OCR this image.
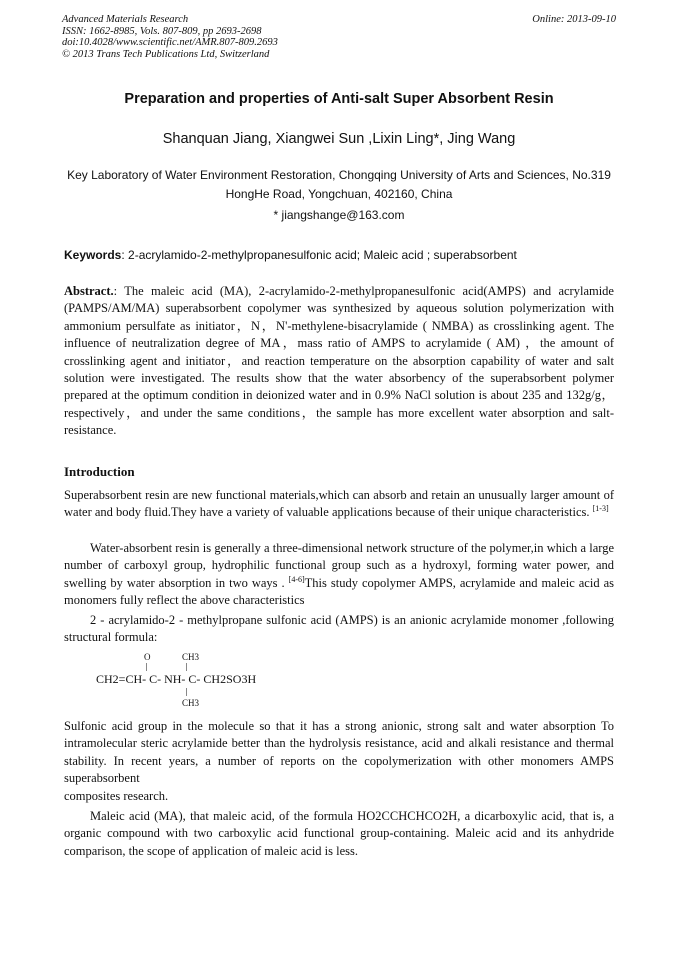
Advanced Materials Research
ISSN: 1662-8985, Vols. 807-809, pp 2693-2698
doi:10.4028/www.scientific.net/AMR.807-809.2693
© 2013 Trans Tech Publications Ltd, Switzerland
Online: 2013-09-10
Preparation and properties of Anti-salt Super Absorbent Resin
Shanquan Jiang, Xiangwei Sun ,Lixin Ling*, Jing Wang
Key Laboratory of Water Environment Restoration, Chongqing University of Arts and Sciences, No.319 HongHe Road, Yongchuan, 402160, China
* jiangshange@163.com
Keywords: 2-acrylamido-2-methylpropanesulfonic acid; Maleic acid ; superabsorbent
Abstract.: The maleic acid (MA), 2-acrylamido-2-methylpropanesulfonic acid(AMPS) and acrylamide (PAMPS/AM/MA) superabsorbent copolymer was synthesized by aqueous solution polymerization with ammonium persulfate as initiator，N，N'-methylene-bisacrylamide ( NMBA) as crosslinking agent. The influence of neutralization degree of MA，mass ratio of AMPS to acrylamide ( AM) ，the amount of crosslinking agent and initiator，and reaction temperature on the absorption capability of water and salt solution were investigated. The results show that the water absorbency of the superabsorbent polymer prepared at the optimum condition in deionized water and in 0.9% NaCl solution is about 235 and 132g/g，respectively，and under the same conditions，the sample has more excellent water absorption and salt-resistance.
Introduction
Superabsorbent resin are new functional materials,which can absorb and retain an unusually larger amount of water and body fluid.They have a variety of valuable applications because of their unique characteristics. [1-3]
Water-absorbent resin is generally a three-dimensional network structure of the polymer,in which a large number of carboxyl group, hydrophilic functional group such as a hydroxyl, forming water power, and swelling by water absorption in two ways . [4-6]This study copolymer AMPS, acrylamide and maleic acid as monomers fully reflect the above characteristics
2 - acrylamido-2 - methylpropane sulfonic acid (AMPS) is an anionic acrylamide monomer ,following structural formula:
O	CH3
CH2=CH- C- NH- C- CH2SO3H
CH3
Sulfonic acid group in the molecule so that it has a strong anionic, strong salt and water absorption To intramolecular steric acrylamide better than the hydrolysis resistance, acid and alkali resistance and thermal stability. In recent years, a number of reports on the copolymerization with other monomers AMPS superabsorbent
composites research.
Maleic acid (MA), that maleic acid, of the formula HO2CCHCHCO2H, a dicarboxylic acid, that is, a organic compound with two carboxylic acid functional group-containing. Maleic acid and its anhydride comparison, the scope of application of maleic acid is less.
